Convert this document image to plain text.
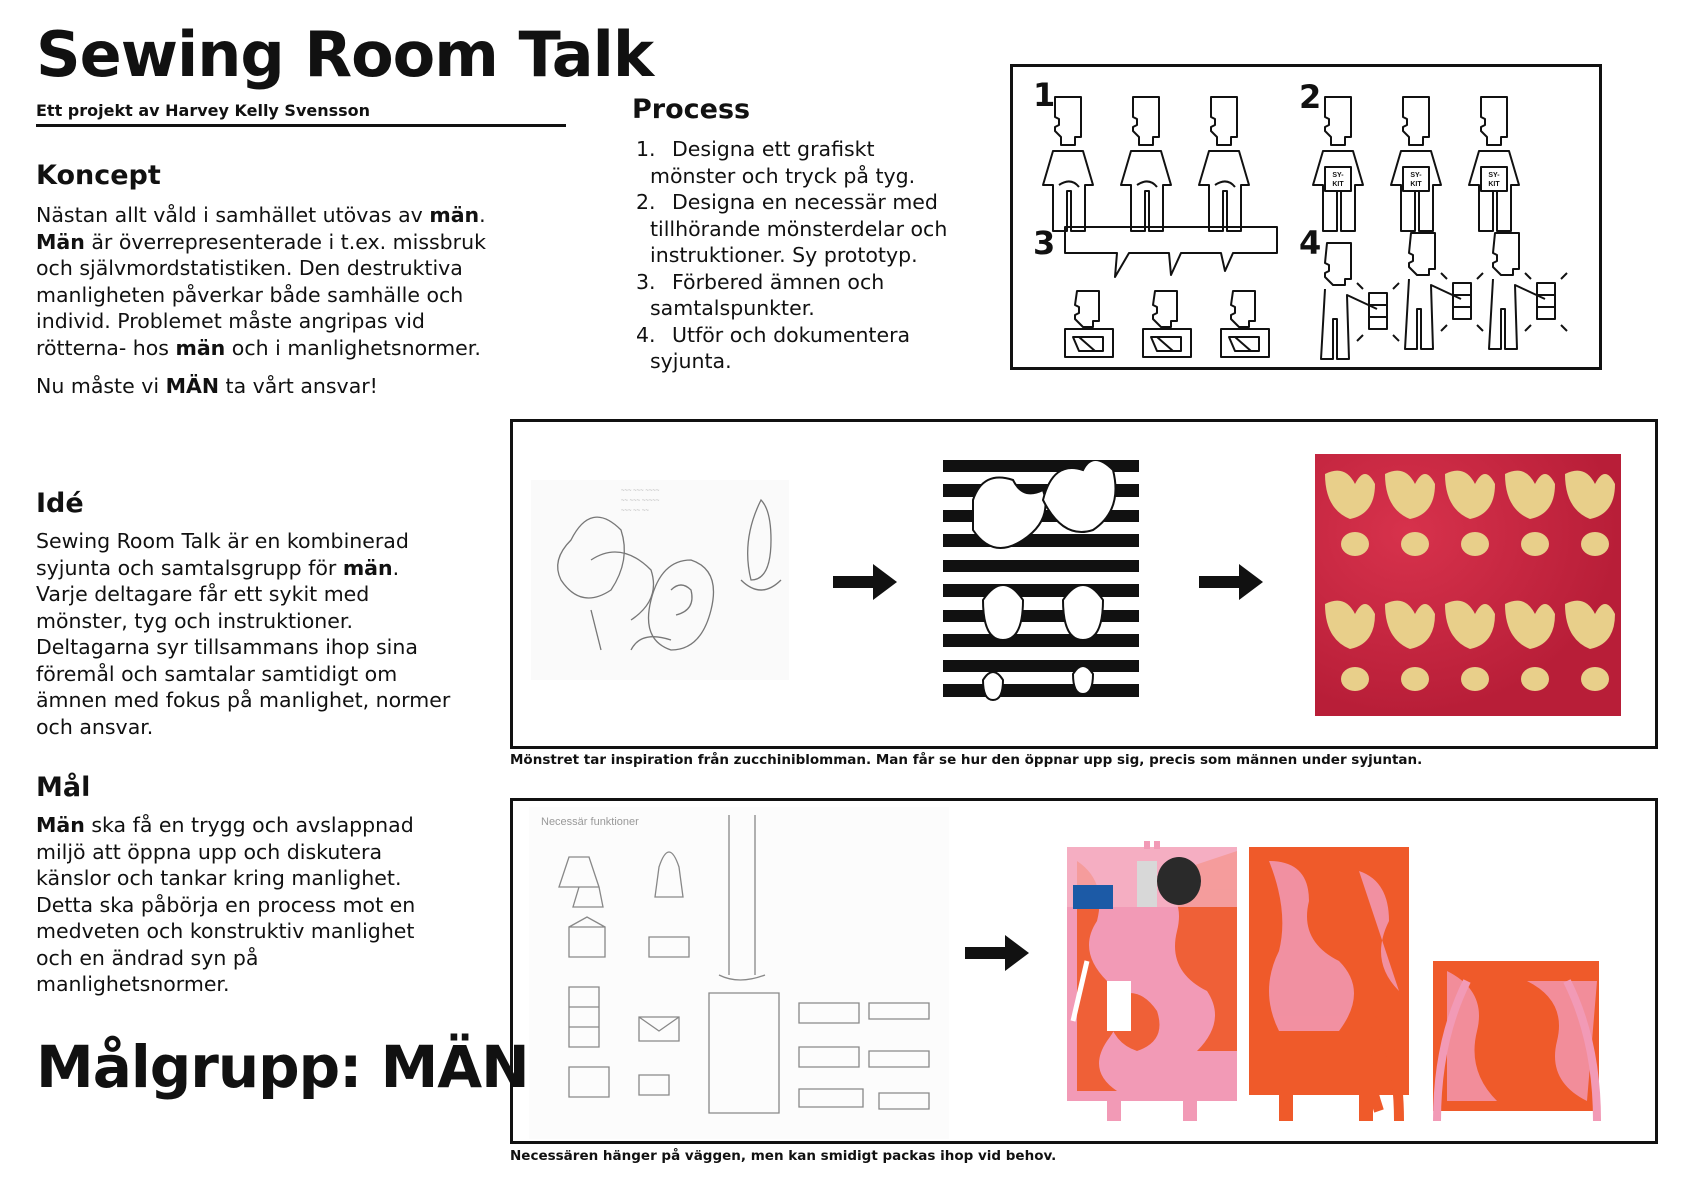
Sewing Room Talk
Ett projekt av Harvey Kelly Svensson
Koncept

Nästan allt våld i samhället utövas av män. Män är överrepresenterade i t.ex. missbruk och självmordstatistiken. Den destruktiva manligheten påverkar både samhälle och individ. Problemet måste angripas vid rötterna- hos män och i manlighetsnormer.

Nu måste vi MÄN ta vårt ansvar!

Process
1. Designa ett grafiskt
mönster och tryck på tyg.
2. Designa en necessär med
tillhörande mönsterdelar och instruktioner. Sy prototyp.
3. Förbered ämnen och
samtalspunkter.
4. Utför och dokumentera
syjunta.
1	2
3	4
SY-
KIT
SY-
KIT
SY-
KIT
Idé

Sewing Room Talk är en kombinerad syjunta och samtalsgrupp för män. Varje deltagare får ett sykit med mönster, tyg och instruktioner. Deltagarna syr tillsammans ihop sina föremål och samtalar samtidigt om ämnen med fokus på manlighet, normer och ansvar.

~~~ ~~~ ~~~~
~~ ~~~ ~~~~~
~~~ ~~ ~~
Mönstret tar inspiration från zucchiniblomman. Man får se hur den öppnar upp sig, precis som männen under syjuntan.
Mål

Män ska få en trygg och avslappnad miljö att öppna upp och diskutera känslor och tankar kring manlighet. Detta ska påbörja en process mot en medveten och konstruktiv manlighet och en ändrad syn på manlighetsnormer.

Målgrupp: MÄN
Necessär funktioner
Necessären hänger på väggen, men kan smidigt packas ihop vid behov.
